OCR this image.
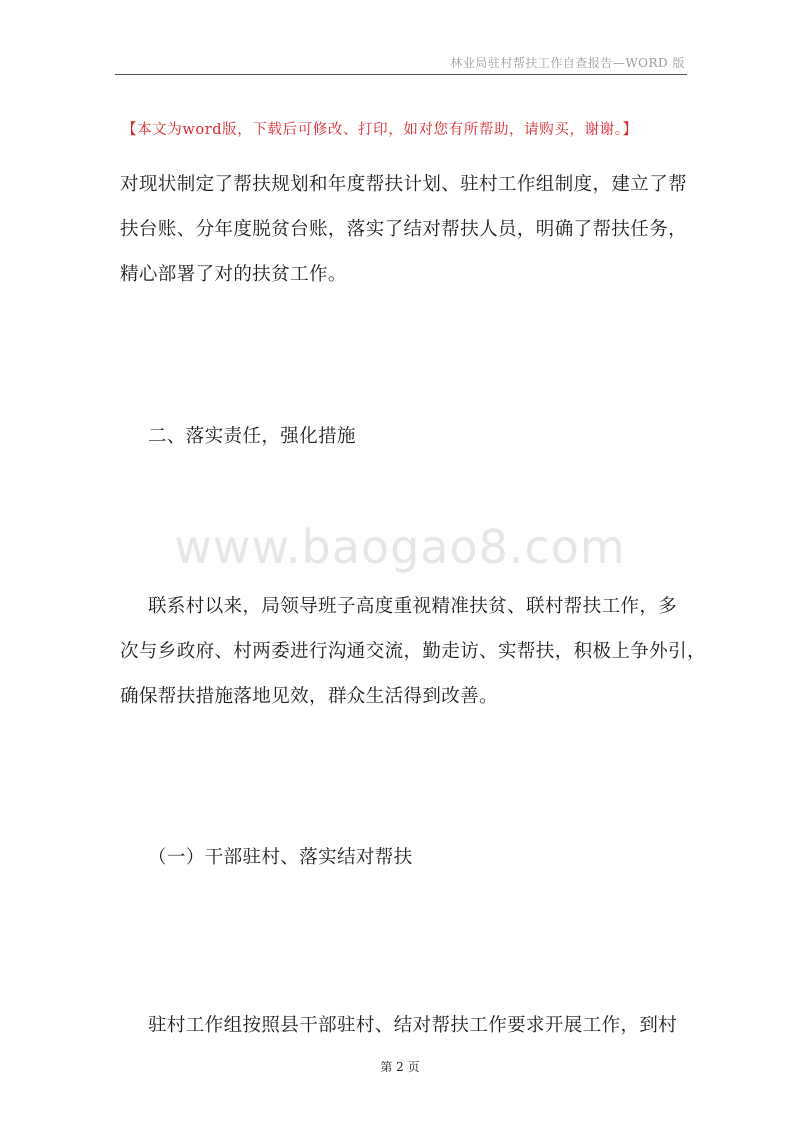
林业局驻村帮扶工作自查报告—WORD 版
【本文为word版，下载后可修改、打印，如对您有所帮助，请购买，谢谢。】
对现状制定了帮扶规划和年度帮扶计划、驻村工作组制度，建立了帮
扶台账、分年度脱贫台账，落实了结对帮扶人员，明确了帮扶任务，
精心部署了对的扶贫工作。
二、落实责任，强化措施
www.baogao8.com
联系村以来，局领导班子高度重视精准扶贫、联村帮扶工作，多
次与乡政府、村两委进行沟通交流，勤走访、实帮扶，积极上争外引，
确保帮扶措施落地见效，群众生活得到改善。
（一）干部驻村、落实结对帮扶
驻村工作组按照县干部驻村、结对帮扶工作要求开展工作，到村
第 2 页
